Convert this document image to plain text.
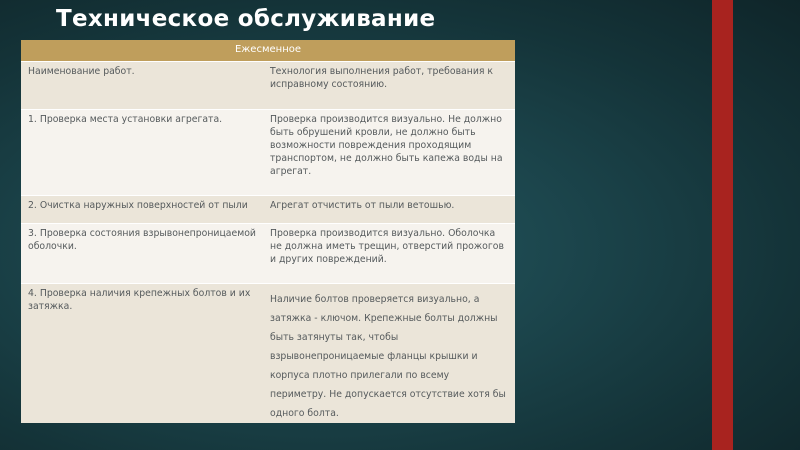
Техническое обслуживание
Ежесменное	
Наименование работ.	Технология выполнения работ, требования к исправному состоянию.
1. Проверка места установки агрегата.	Проверка производится визуально. Не должно быть обрушений кровли, не должно быть возможности повреждения проходящим транспортом, не должно быть капежа воды на агрегат.
2. Очистка наружных поверхностей от пыли	Агрегат отчистить от пыли ветошью.
3. Проверка состояния взрывонепроницаемой оболочки.	Проверка производится визуально. Оболочка не должна иметь трещин, отверстий прожогов и других повреждений.
4. Проверка наличия крепежных болтов и их затяжка.	Наличие болтов проверяется визуально, а затяжка - ключом. Крепежные болты должны быть затянуты так, чтобы взрывонепроницаемые фланцы крышки и корпуса плотно прилегали по всему периметру. Не допускается отсутствие хотя бы одного болта.
